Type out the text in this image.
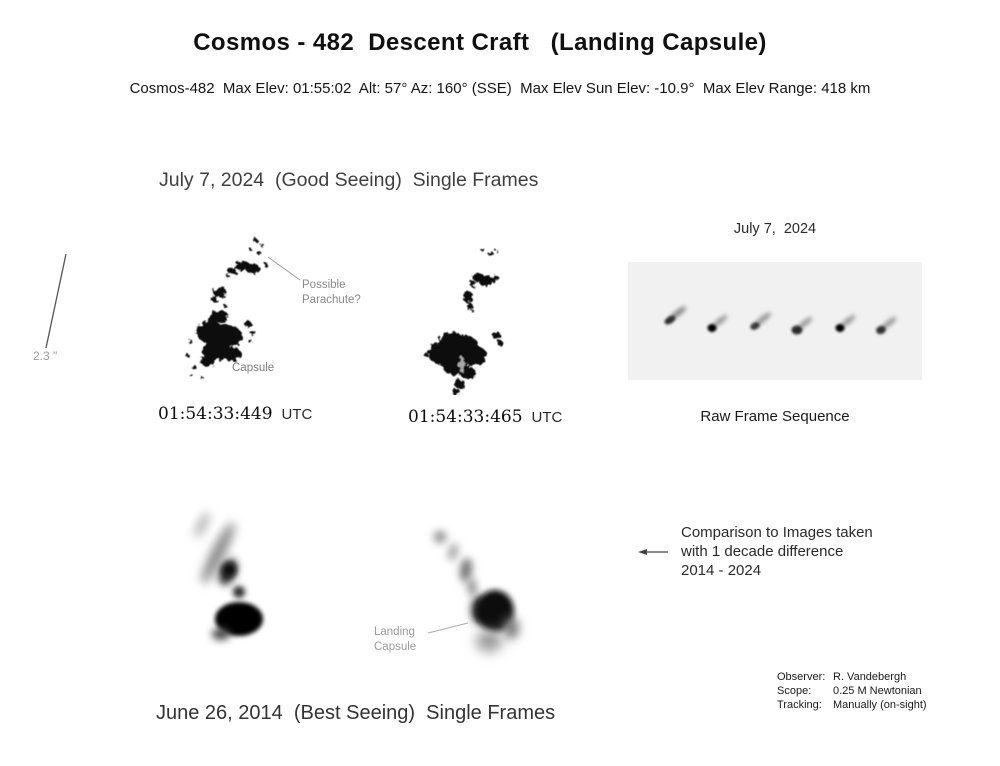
Cosmos - 482  Descent Craft   (Landing Capsule)
Cosmos-482  Max Elev: 01:55:02  Alt: 57° Az: 160° (SSE)  Max Elev Sun Elev: -10.9°  Max Elev Range: 418 km
July 7, 2024  (Good Seeing)  Single Frames
2.3 "
Possible
Parachute?
Capsule
01:54:33:449 UTC	01:54:33:465 UTC
July 7,  2024
Raw Frame Sequence
Landing
Capsule
Comparison to Images taken
with 1 decade difference
2014 - 2024
June 26, 2014  (Best Seeing)  Single Frames
Observer: R. Vandebergh
Scope:	0.25 M Newtonian
Tracking:	Manually (on-sight)
